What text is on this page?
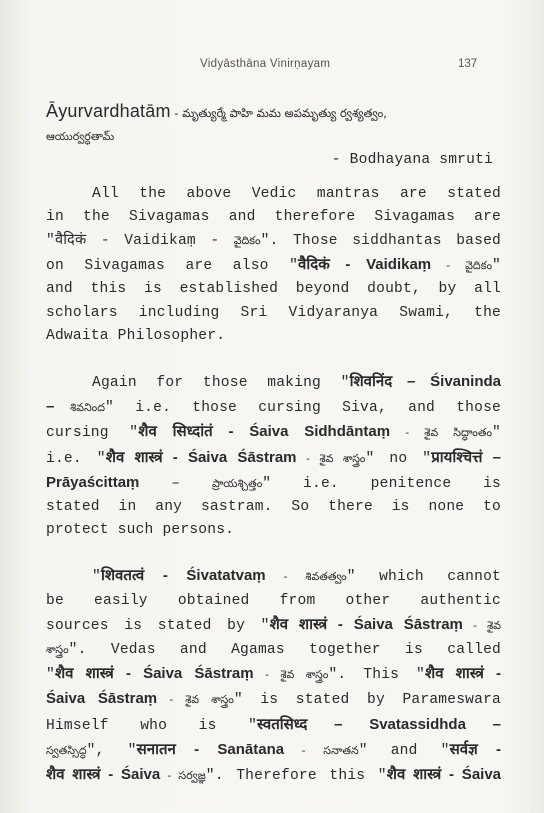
Vidyāsthāna Vinirṇayam	137

Āyurvardhatām - మృత్యుర్మే పాహి మమ అపమృత్యు ర్వశ్యత్వం,

ఆయుర్వర్ధతామ్

- Bodhayana smruti

All the above Vedic mantras are stated

in the Sivagamas and therefore Sivagamas are

"वैदिकं - Vaidikaṃ - వైదికం". Those siddhantas based

on Sivagamas are also "वैदिकं - Vaidikaṃ - వైదికం"

and this is established beyond doubt, by all

scholars including Sri Vidyaranya Swami, the

Adwaita Philosopher.

Again for those making "शिवनिंद – Śivaninda

– శివనింద" i.e. those cursing Siva, and those

cursing "शैव सिध्दांतं - Śaiva Sidhdāntaṃ - శైవ సిద్ధాంతం"

i.e. "शैव शास्त्रं - Śaiva Śāstram - శైవ శాస్త్రం" no "प्रायश्चित्तं –

Prāyaścittaṃ – ప్రాయశ్చిత్తం" i.e. penitence is

stated in any sastram. So there is none to

protect such persons.

"शिवतत्वं - Śivatatvaṃ - శివతత్వం" which cannot

be easily obtained from other authentic

sources is stated by "शैव शास्त्रं - Śaiva Śāstraṃ - శైవ

శాస్త్రం". Vedas and Agamas together is called

"शैव शास्त्रं - Śaiva Śāstraṃ - శైవ శాస్త్రం". This "शैव शास्त्रं -

Śaiva Śāstraṃ - శైవ శాస్త్రం" is stated by Parameswara

Himself who is "स्वतसिध्द – Svatassidhda –

స్వతస్సిద్ధ", "सनातन - Sanātana - సనాతన" and "सर्वज्ञ -

शैव शास्त्रं - Śaiva - సర్వజ్ఞ". Therefore this "शैव शास्त्रं - Śaiva
